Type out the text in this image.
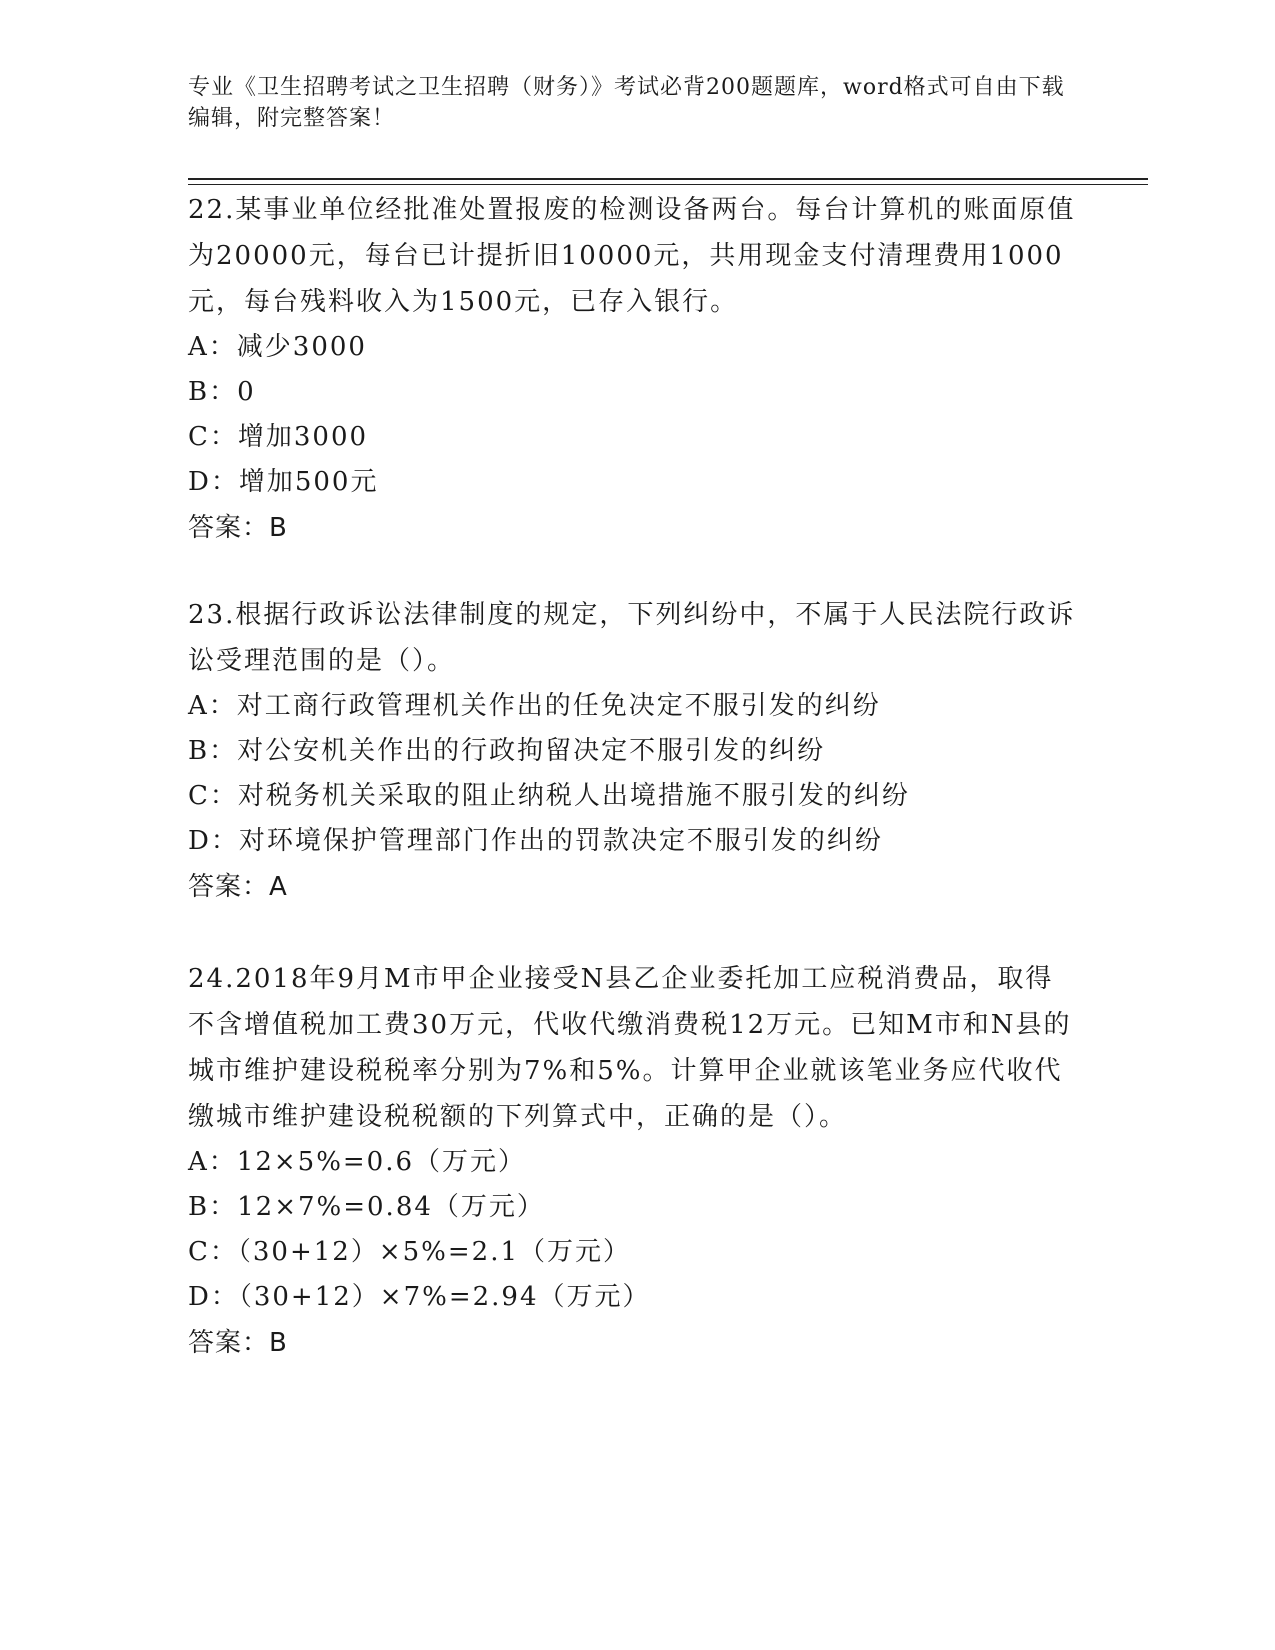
专业《卫生招聘考试之卫生招聘（财务）》考试必背200题题库，word格式可自由下载编辑，附完整答案！
22.某事业单位经批准处置报废的检测设备两台。每台计算机的账面原值为20000元，每台已计提折旧10000元，共用现金支付清理费用1000元，每台残料收入为1500元，已存入银行。
A：减少3000
B：0
C：增加3000
D：增加500元
答案：B
23.根据行政诉讼法律制度的规定，下列纠纷中，不属于人民法院行政诉讼受理范围的是（）。
A：对工商行政管理机关作出的任免决定不服引发的纠纷
B：对公安机关作出的行政拘留决定不服引发的纠纷
C：对税务机关采取的阻止纳税人出境措施不服引发的纠纷
D：对环境保护管理部门作出的罚款决定不服引发的纠纷
答案：A
24.2018年9月M市甲企业接受N县乙企业委托加工应税消费品，取得不含增值税加工费30万元，代收代缴消费税12万元。已知M市和N县的城市维护建设税税率分别为7%和5%。计算甲企业就该笔业务应代收代缴城市维护建设税税额的下列算式中，正确的是（）。
A：12×5%=0.6（万元）
B：12×7%=0.84（万元）
C：（30+12）×5%=2.1（万元）
D：（30+12）×7%=2.94（万元）
答案：B
